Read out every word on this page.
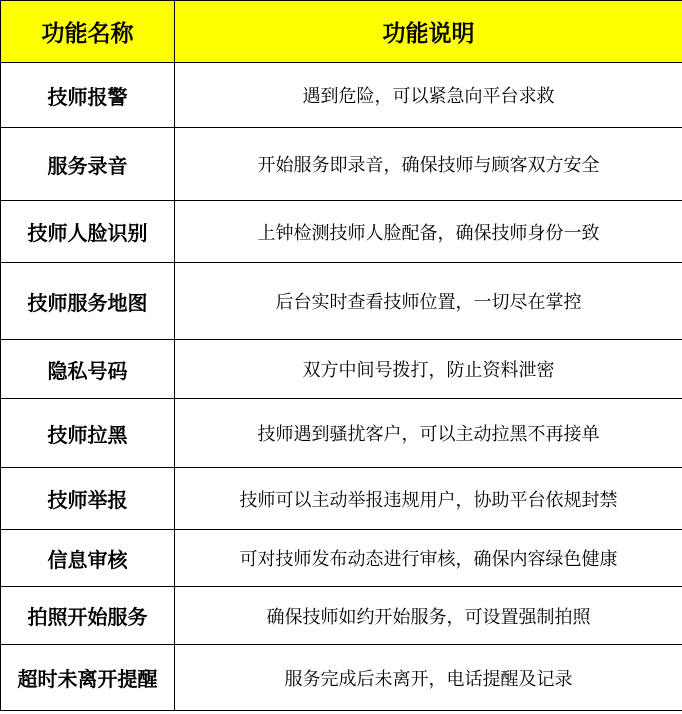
功能名称	功能说明
技师报警	遇到危险，可以紧急向平台求救
服务录音	开始服务即录音，确保技师与顾客双方安全
技师人脸识别	上钟检测技师人脸配备，确保技师身份一致
技师服务地图	后台实时查看技师位置，一切尽在掌控
隐私号码	双方中间号拨打，防止资料泄密
技师拉黑	技师遇到骚扰客户，可以主动拉黑不再接单
技师举报	技师可以主动举报违规用户，协助平台依规封禁
信息审核	可对技师发布动态进行审核，确保内容绿色健康
拍照开始服务	确保技师如约开始服务，可设置强制拍照
超时未离开提醒	服务完成后未离开，电话提醒及记录
